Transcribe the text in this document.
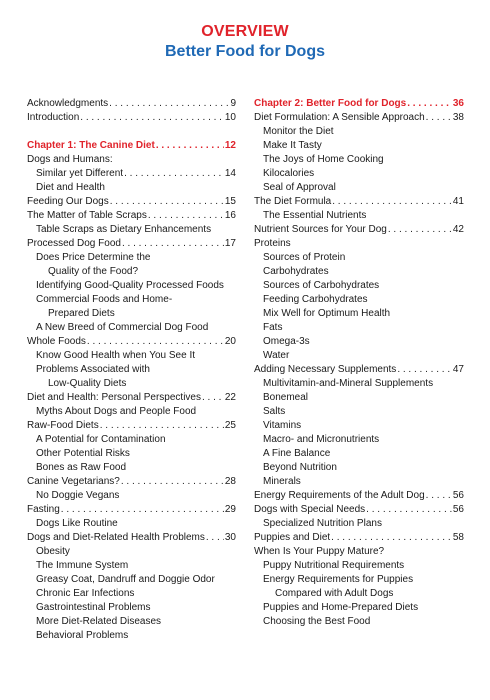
OVERVIEW
Better Food for Dogs
Acknowledgments . . .	9
Introduction . . .	10
Chapter 1: The Canine Diet . . .	12
Dogs and Humans:
Similar yet Different . . .	14
Diet and Health
Feeding Our Dogs . . .	15
The Matter of Table Scraps . . .	16
Table Scraps as Dietary Enhancements
Processed Dog Food . . .	17
Does Price Determine the
Quality of the Food?
Identifying Good-Quality Processed Foods
Commercial Foods and Home-
Prepared Diets
A New Breed of Commercial Dog Food
Whole Foods . . .	20
Know Good Health when You See It
Problems Associated with
Low-Quality Diets
Diet and Health: Personal Perspectives . . . 22
Myths About Dogs and People Food
Raw-Food Diets . . .	25
A Potential for Contamination
Other Potential Risks
Bones as Raw Food
Canine Vegetarians? . . .	28
No Doggie Vegans
Fasting . . .	29
Dogs Like Routine
Dogs and Diet-Related Health Problems . . . 30
Obesity
The Immune System
Greasy Coat, Dandruff and Doggie Odor
Chronic Ear Infections
Gastrointestinal Problems
More Diet-Related Diseases
Behavioral Problems
Chapter 2: Better Food for Dogs . . .	36
Diet Formulation: A Sensible Approach . . .	38
Monitor the Diet
Make It Tasty
The Joys of Home Cooking
Kilocalories
Seal of Approval
The Diet Formula . . .	41
The Essential Nutrients
Nutrient Sources for Your Dog . . .	42
Proteins
Sources of Protein
Carbohydrates
Sources of Carbohydrates
Feeding Carbohydrates
Mix Well for Optimum Health
Fats
Omega-3s
Water
Adding Necessary Supplements . . .	47
Multivitamin-and-Mineral Supplements
Bonemeal
Salts
Vitamins
Macro- and Micronutrients
A Fine Balance
Beyond Nutrition
Minerals
Energy Requirements of the Adult Dog . . .	56
Dogs with Special Needs . . .	56
Specialized Nutrition Plans
Puppies and Diet . . .	58
When Is Your Puppy Mature?
Puppy Nutritional Requirements
Energy Requirements for Puppies
Compared with Adult Dogs
Puppies and Home-Prepared Diets
Choosing the Best Food
